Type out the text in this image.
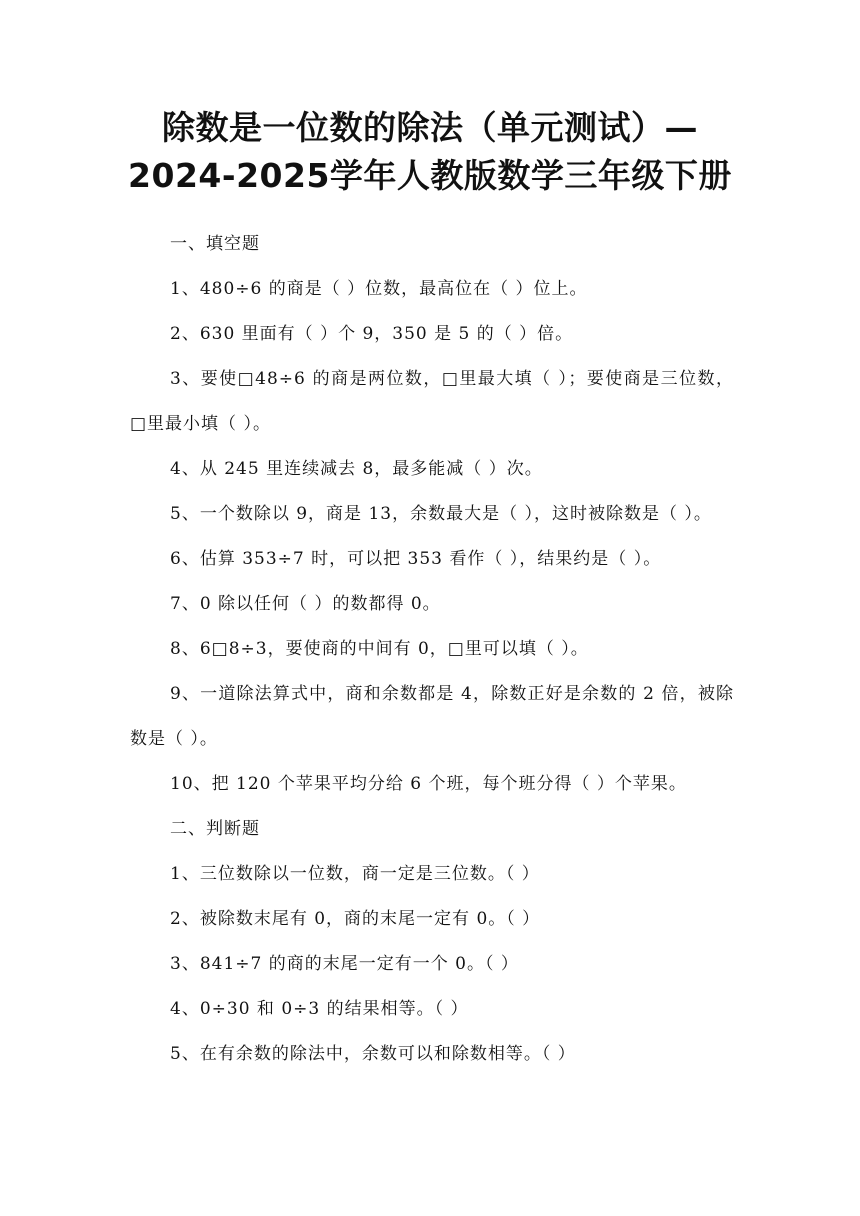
除数是一位数的除法（单元测试）—
2024-2025学年人教版数学三年级下册

一、填空题

1、480÷6 的商是（ ）位数，最高位在（ ）位上。

2、630 里面有（ ）个 9，350 是 5 的（ ）倍。

3、要使□48÷6 的商是两位数，□里最大填（ ）；要使商是三位数，□里最小填（ ）。

4、从 245 里连续减去 8，最多能减（ ）次。

5、一个数除以 9，商是 13，余数最大是（ ），这时被除数是（ ）。

6、估算 353÷7 时，可以把 353 看作（ ），结果约是（ ）。

7、0 除以任何（ ）的数都得 0。

8、6□8÷3，要使商的中间有 0，□里可以填（ ）。

9、一道除法算式中，商和余数都是 4，除数正好是余数的 2 倍，被除数是（ ）。

10、把 120 个苹果平均分给 6 个班，每个班分得（ ）个苹果。

二、判断题

1、三位数除以一位数，商一定是三位数。（ ）

2、被除数末尾有 0，商的末尾一定有 0。（ ）

3、841÷7 的商的末尾一定有一个 0。（ ）

4、0÷30 和 0÷3 的结果相等。（ ）

5、在有余数的除法中，余数可以和除数相等。（ ）
